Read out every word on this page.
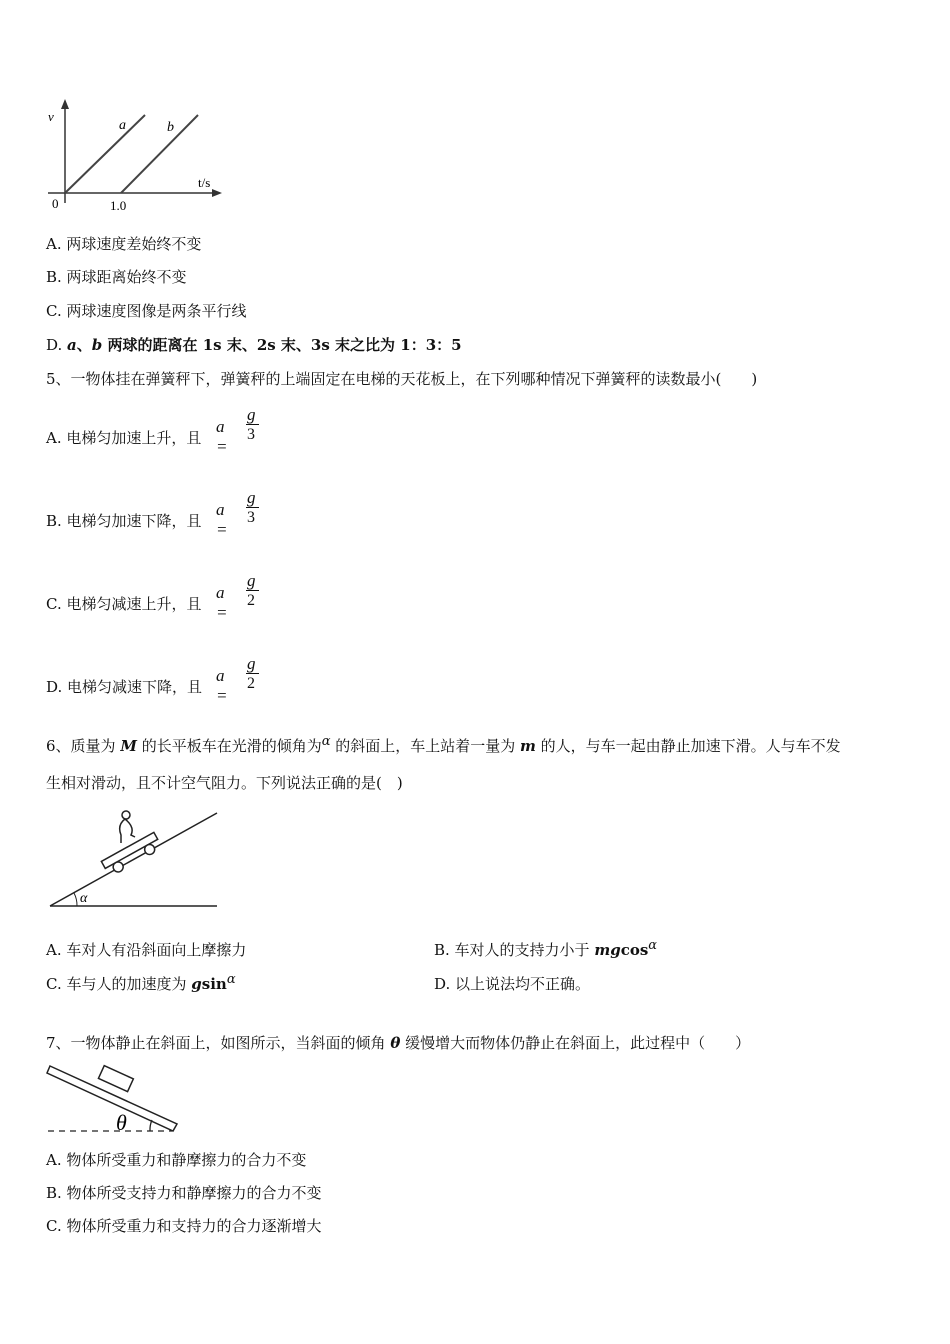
v
t/s
0	1.0
a	b
A. 两球速度差始终不变
B. 两球距离始终不变
C. 两球速度图像是两条平行线
D. a、b 两球的距离在 1s 末、2s 末、3s 末之比为 1：3：5
5、一物体挂在弹簧秤下，弹簧秤的上端固定在电梯的天花板上，在下列哪种情况下弹簧秤的读数最小(　　)
A. 电梯匀加速上升，且
a =
g
3
B. 电梯匀加速下降，且
a =
g
3
C. 电梯匀减速上升，且
a =
g
2
D. 电梯匀减速下降，且
a =
g
2
6、质量为 M 的长平板车在光滑的倾角为α 的斜面上，车上站着一量为 m 的人，与车一起由静止加速下滑。人与车不发
生相对滑动，且不计空气阻力。下列说法正确的是(　)
α
A. 车对人有沿斜面向上摩擦力	B. 车对人的支持力小于 mgcosα
C. 车与人的加速度为 gsinα	D. 以上说法均不正确。
7、一物体静止在斜面上，如图所示，当斜面的倾角 θ 缓慢增大而物体仍静止在斜面上，此过程中（　　）
θ
A. 物体所受重力和静摩擦力的合力不变
B. 物体所受支持力和静摩擦力的合力不变
C. 物体所受重力和支持力的合力逐渐增大
